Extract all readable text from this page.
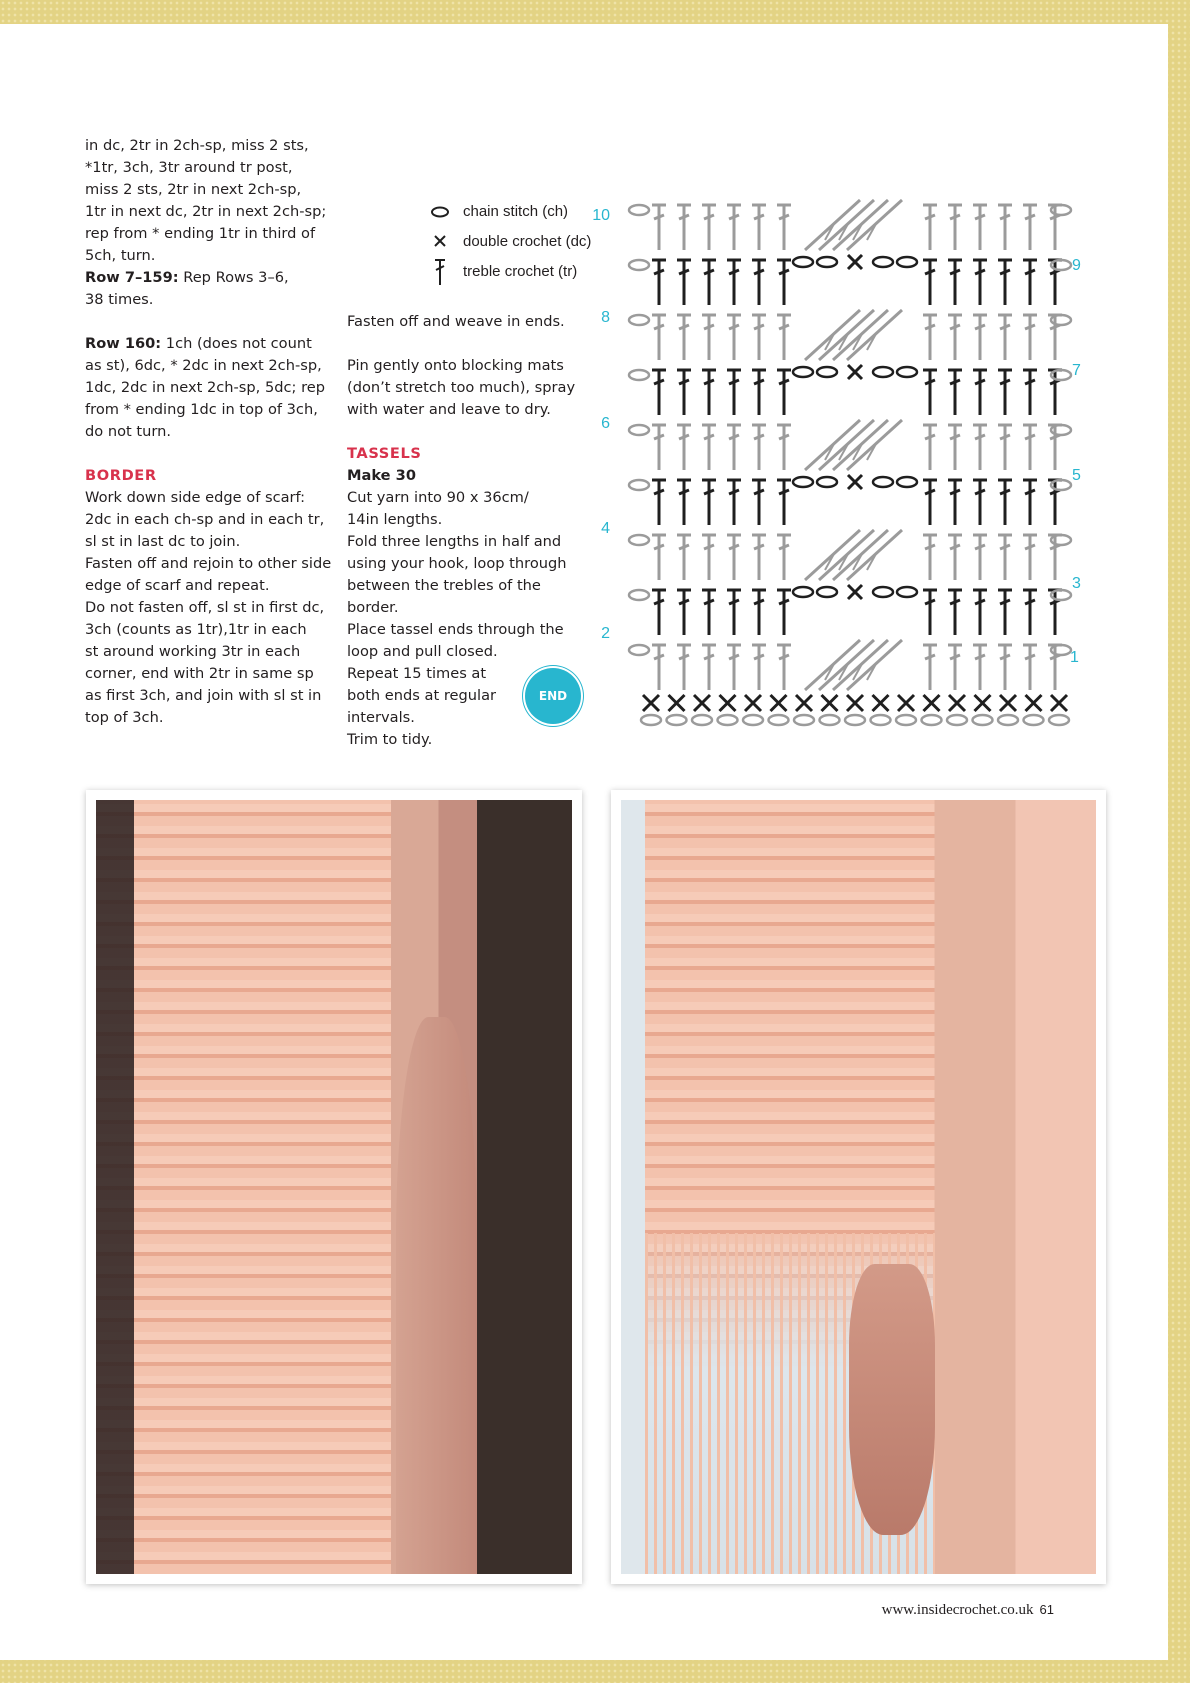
in dc, 2tr in 2ch-sp, miss 2 sts,

*1tr, 3ch, 3tr around tr post,

miss 2 sts, 2tr in next 2ch-sp,

1tr in next dc, 2tr in next 2ch-sp;

rep from * ending 1tr in third of

5ch, turn.

Row 7–159: Rep Rows 3–6,

38 times.

Row 160: 1ch (does not count

as st), 6dc, * 2dc in next 2ch-sp,

1dc, 2dc in next 2ch-sp, 5dc; rep

from * ending 1dc in top of 3ch,

do not turn.

BORDER

Work down side edge of scarf:

2dc in each ch-sp and in each tr,

sl st in last dc to join.

Fasten off and rejoin to other side

edge of scarf and repeat.

Do not fasten off, sl st in first dc,

3ch (counts as 1tr),1tr in each

st around working 3tr in each

corner, end with 2tr in same sp

as first 3ch, and join with sl st in

top of 3ch.

chain stitch (ch)
double crochet (dc)
treble crochet (tr)

Fasten off and weave in ends.

Pin gently onto blocking mats

(don’t stretch too much), spray

with water and leave to dry.

TASSELS

Make 30

Cut yarn into 90 x 36cm/

14in lengths.

Fold three lengths in half and

using your hook, loop through

between the trebles of the border.

Place tassel ends through the

loop and pull closed.

Repeat 15 times at

both ends at regular

intervals.

Trim to tidy.

END
1
2
3
4
5
6
7
8
9
10
www.insidecrochet.co.uk 61
